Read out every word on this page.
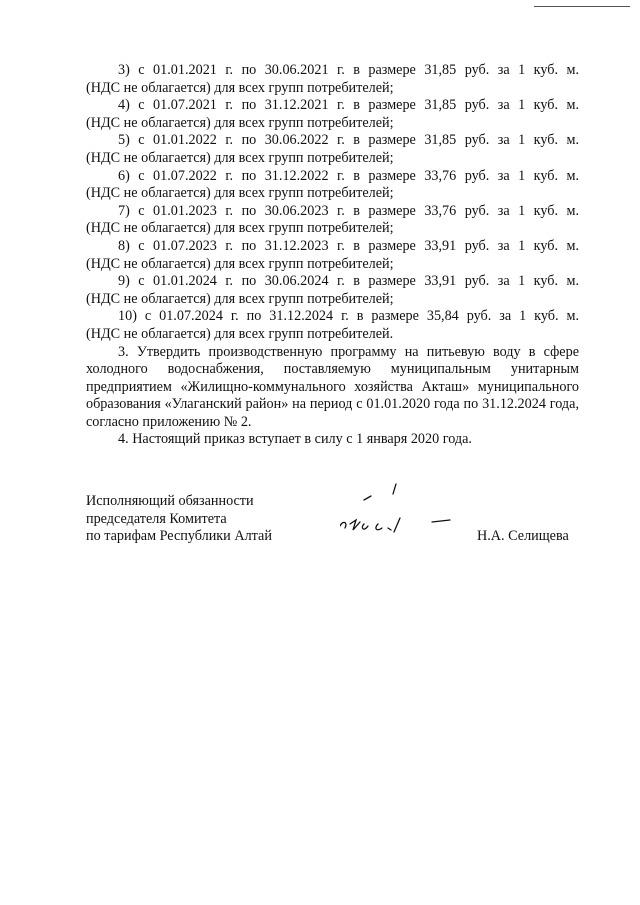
3) с 01.01.2021 г. по 30.06.2021 г. в размере 31,85 руб. за 1 куб. м.
(НДС не облагается) для всех групп потребителей;
4) с 01.07.2021 г. по 31.12.2021 г. в размере 31,85 руб. за 1 куб. м.
(НДС не облагается) для всех групп потребителей;
5) с 01.01.2022 г. по 30.06.2022 г. в размере 31,85 руб. за 1 куб. м.
(НДС не облагается) для всех групп потребителей;
6) с 01.07.2022 г. по 31.12.2022 г. в размере 33,76 руб. за 1 куб. м.
(НДС не облагается) для всех групп потребителей;
7) с 01.01.2023 г. по 30.06.2023 г. в размере 33,76 руб. за 1 куб. м.
(НДС не облагается) для всех групп потребителей;
8) с 01.07.2023 г. по 31.12.2023 г. в размере 33,91 руб. за 1 куб. м.
(НДС не облагается) для всех групп потребителей;
9) с 01.01.2024 г. по 30.06.2024 г. в размере 33,91 руб. за 1 куб. м.
(НДС не облагается) для всех групп потребителей;
10) с 01.07.2024 г. по 31.12.2024 г. в размере 35,84 руб. за 1 куб. м.
(НДС не облагается) для всех групп потребителей.
3. Утвердить производственную программу на питьевую воду в сфере холодного водоснабжения, поставляемую муниципальным унитарным предприятием «Жилищно-коммунального хозяйства Акташ» муниципального образования «Улаганский район» на период с 01.01.2020 года по 31.12.2024 года, согласно приложению № 2.
4. Настоящий приказ вступает в силу с 1 января 2020 года.
Исполняющий обязанности
председателя Комитета
по тарифам Республики Алтай	Н.А. Селищева
